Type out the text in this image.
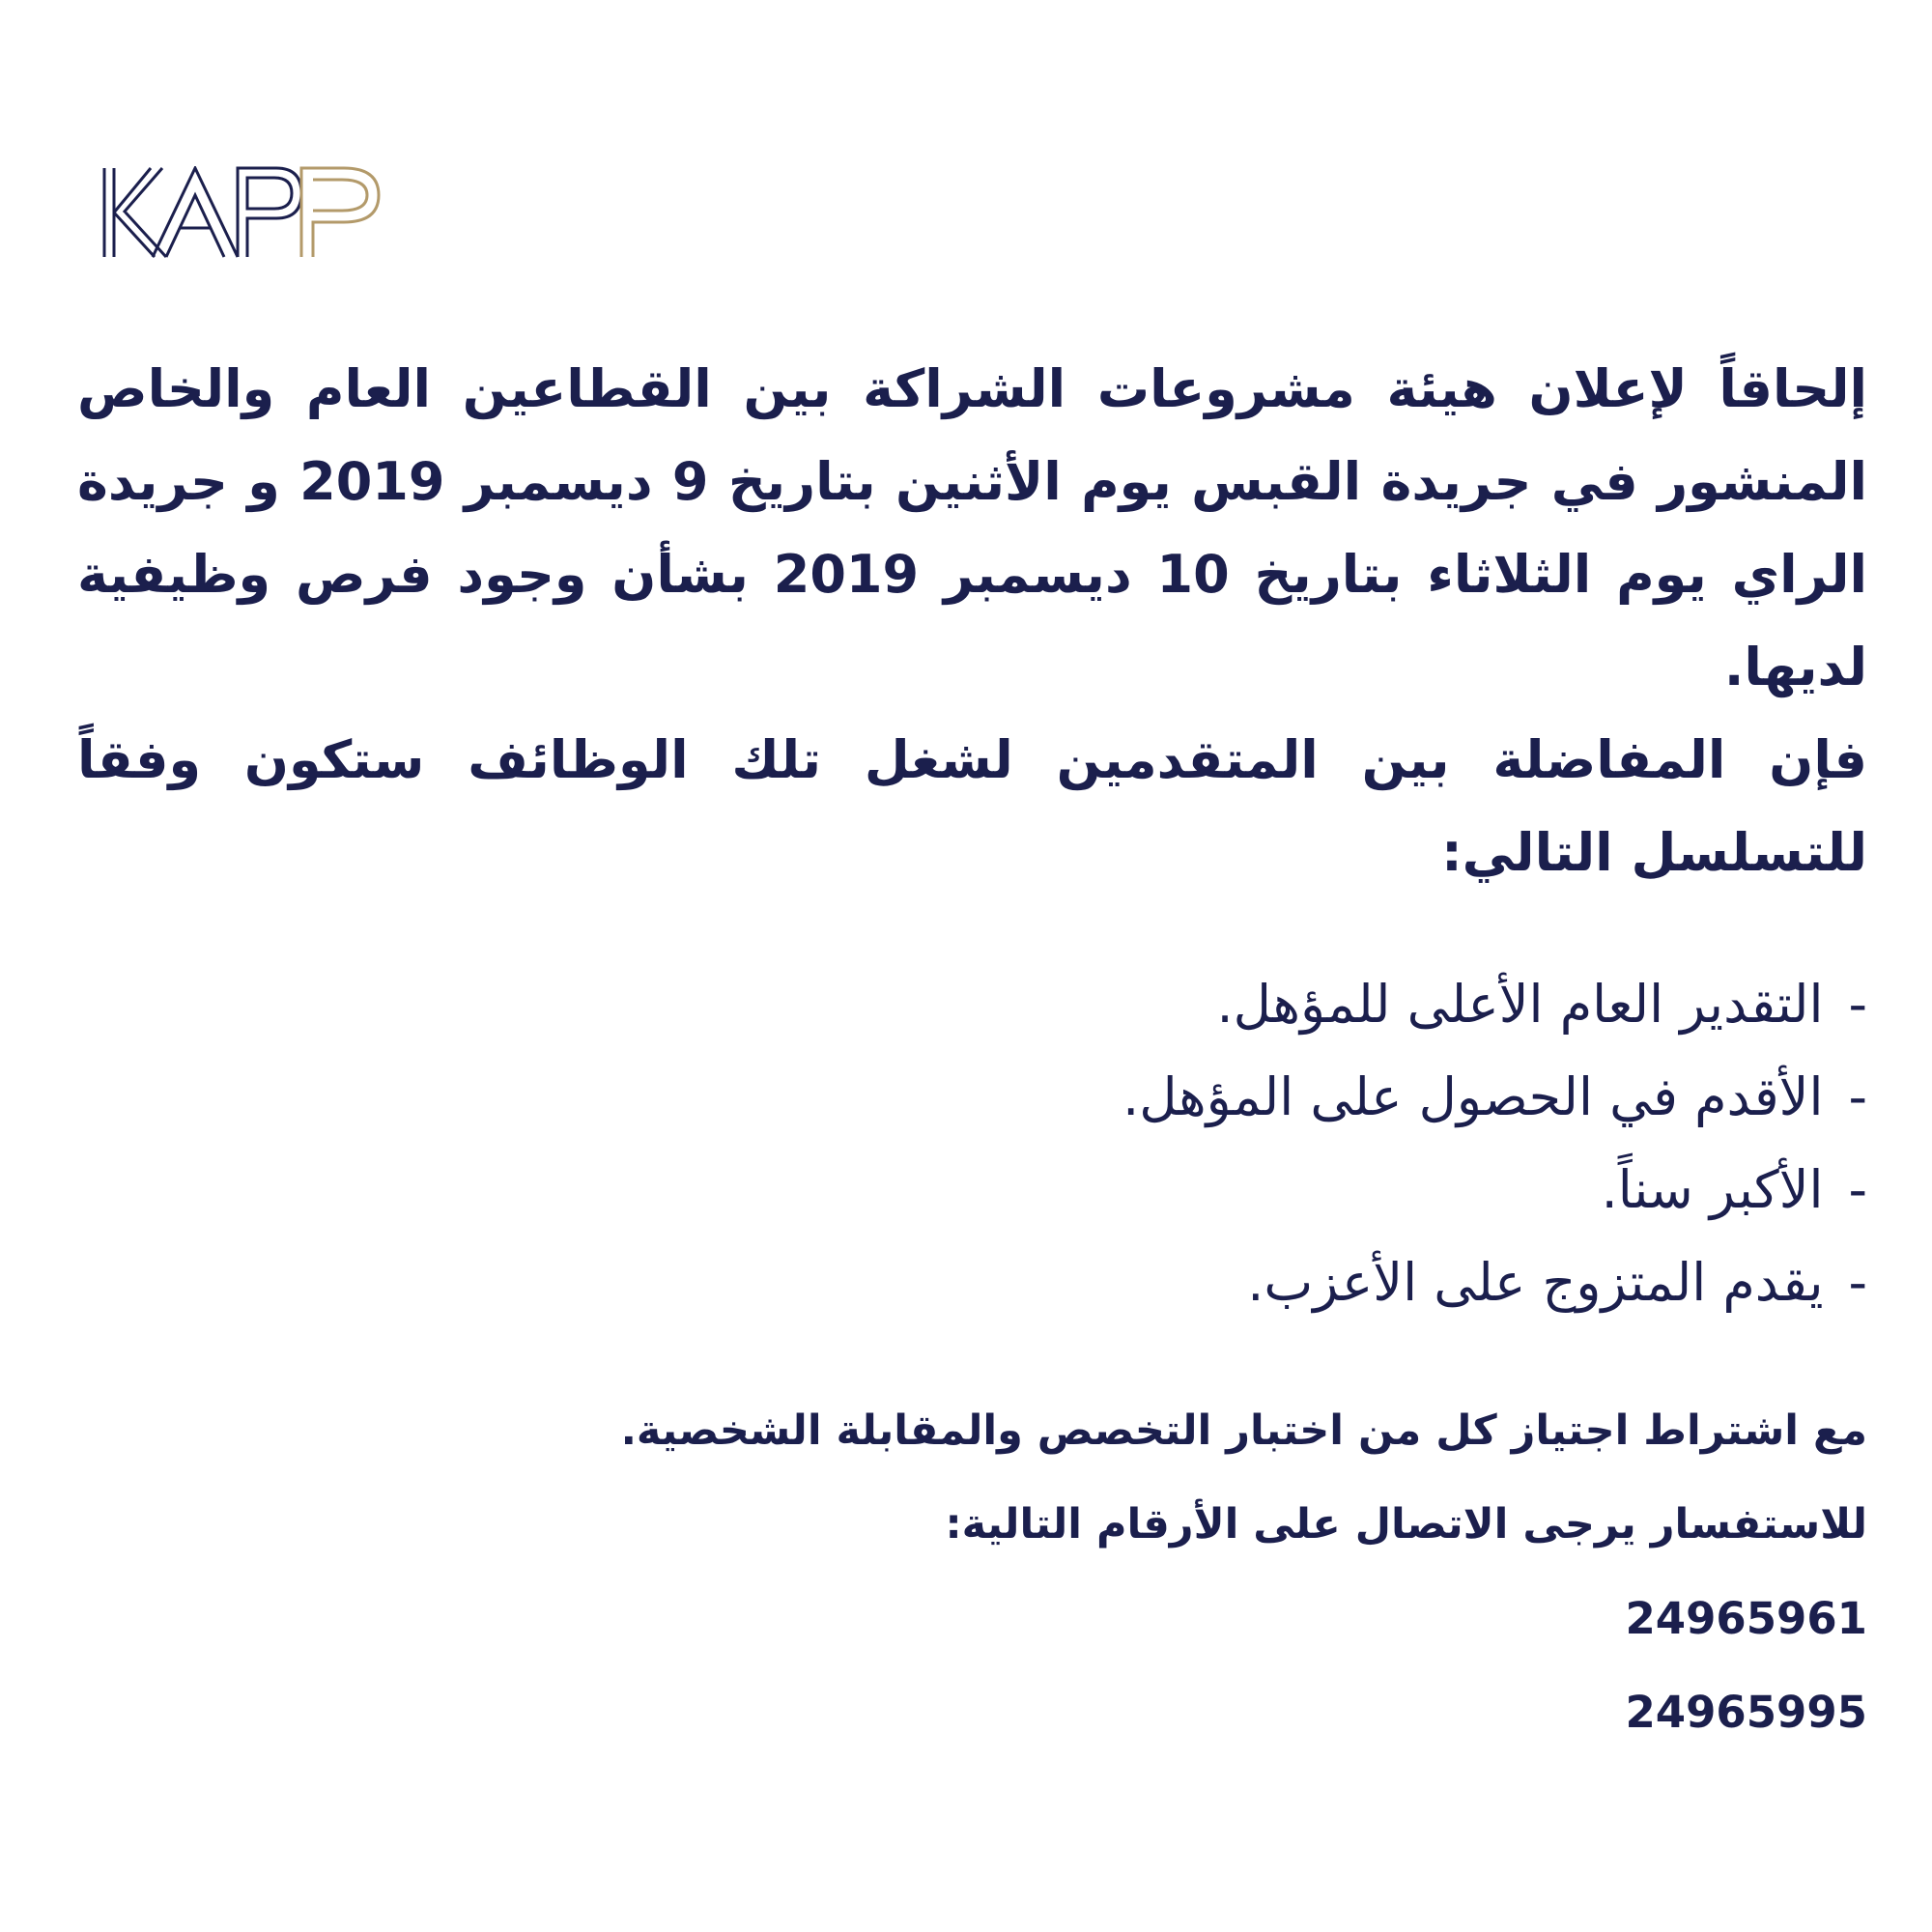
إلحاقاً لإعلان هيئة مشروعات الشراكة بين القطاعين العام والخاص المنشور في جريدة القبس يوم الأثنين بتاريخ 9 ديسمبر 2019 و جريدة الراي يوم الثلاثاء بتاريخ 10 ديسمبر 2019 بشأن وجود فرص وظيفية لديها.

فإن المفاضلة بين المتقدمين لشغل تلك الوظائف ستكون وفقاً للتسلسل التالي:

-التقدير العام الأعلى للمؤهل.
-الأقدم في الحصول على المؤهل.
-الأكبر سناً.
-يقدم المتزوج على الأعزب.

مع اشتراط اجتياز كل من اختبار التخصص والمقابلة الشخصية.

للاستفسار يرجى الاتصال على الأرقام التالية:

24965961
24965995
